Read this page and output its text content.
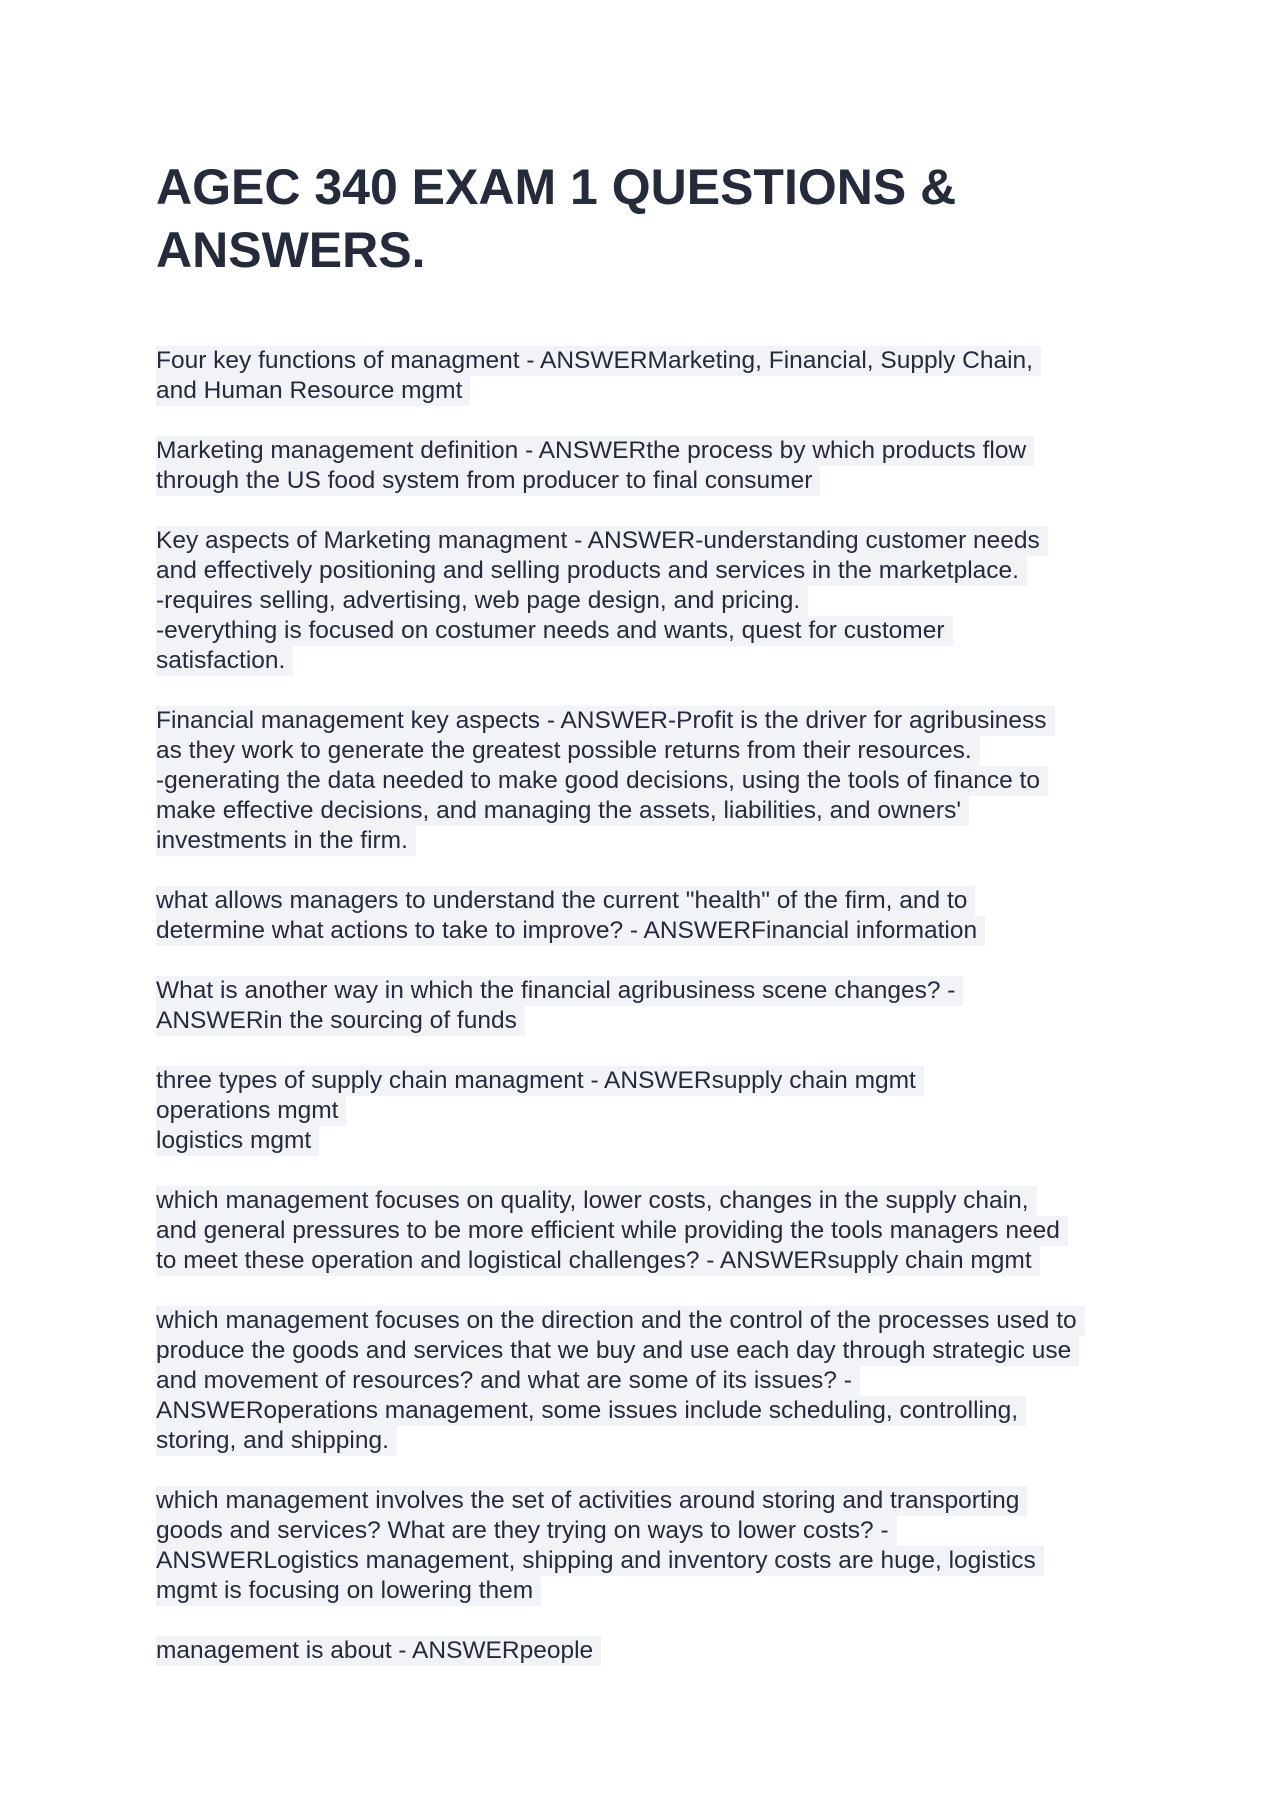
AGEC 340 EXAM 1 QUESTIONS & ANSWERS.
Four key functions of managment - ANSWERMarketing, Financial, Supply Chain,
and Human Resource mgmt
Marketing management definition - ANSWERthe process by which products flow
through the US food system from producer to final consumer
Key aspects of Marketing managment - ANSWER-understanding customer needs
and effectively positioning and selling products and services in the marketplace.
-requires selling, advertising, web page design, and pricing.
-everything is focused on costumer needs and wants, quest for customer
satisfaction.
Financial management key aspects - ANSWER-Profit is the driver for agribusiness
as they work to generate the greatest possible returns from their resources.
-generating the data needed to make good decisions, using the tools of finance to
make effective decisions, and managing the assets, liabilities, and owners'
investments in the firm.
what allows managers to understand the current "health" of the firm, and to
determine what actions to take to improve? - ANSWERFinancial information
What is another way in which the financial agribusiness scene changes? -
ANSWERin the sourcing of funds
three types of supply chain managment - ANSWERsupply chain mgmt
operations mgmt
logistics mgmt
which management focuses on quality, lower costs, changes in the supply chain,
and general pressures to be more efficient while providing the tools managers need
to meet these operation and logistical challenges? - ANSWERsupply chain mgmt
which management focuses on the direction and the control of the processes used to
produce the goods and services that we buy and use each day through strategic use
and movement of resources? and what are some of its issues? -
ANSWERoperations management, some issues include scheduling, controlling,
storing, and shipping.
which management involves the set of activities around storing and transporting
goods and services? What are they trying on ways to lower costs? -
ANSWERLogistics management, shipping and inventory costs are huge, logistics
mgmt is focusing on lowering them
management is about - ANSWERpeople
